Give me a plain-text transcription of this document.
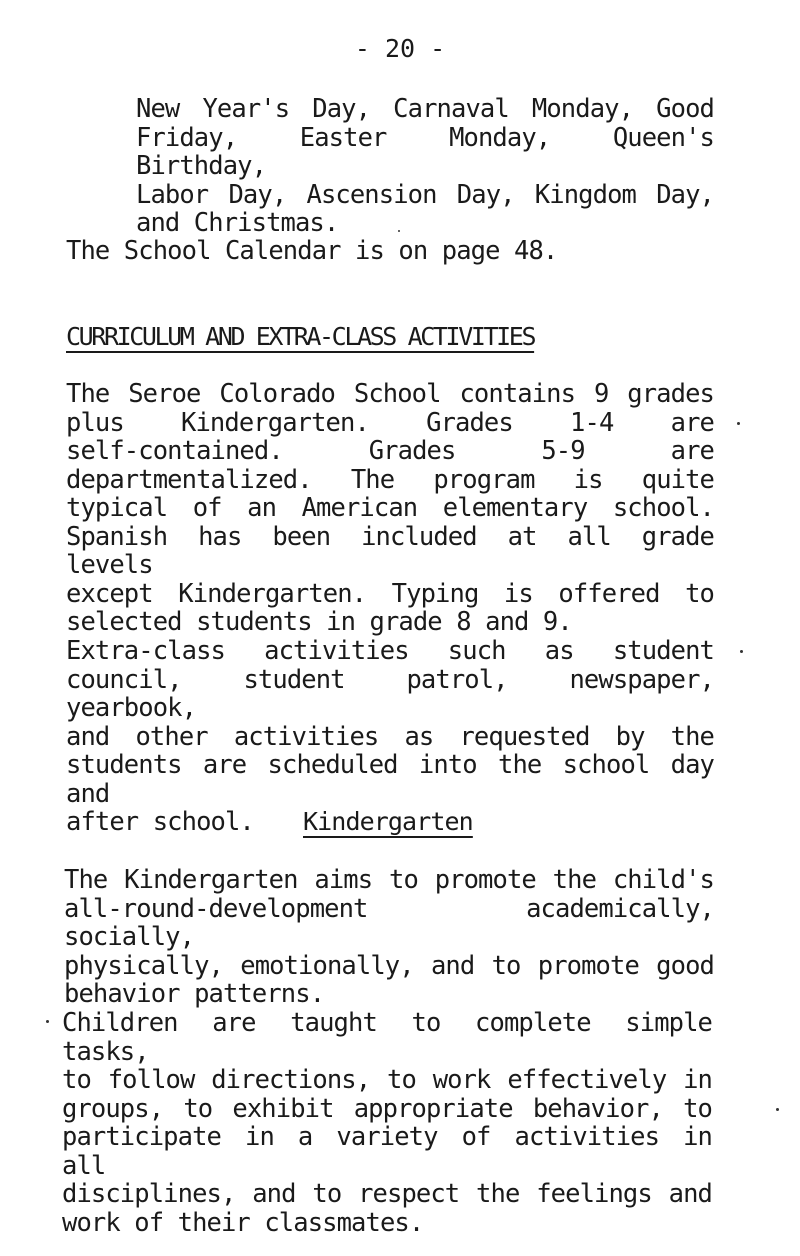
- 20 -
New Year's Day, Carnaval Monday, Good
Friday, Easter Monday, Queen's Birthday,
Labor Day, Ascension Day, Kingdom Day,
and Christmas.
The School Calendar is on page 48.
CURRICULUM AND EXTRA-CLASS ACTIVITIES
The Seroe Colorado School contains 9 grades
plus Kindergarten. Grades 1-4 are
self-contained. Grades 5-9 are
departmentalized. The program is quite
typical of an American elementary school.
Spanish has been included at all grade levels
except Kindergarten. Typing is offered to
selected students in grade 8 and 9.
Extra-class activities such as student
council, student patrol, newspaper, yearbook,
and other activities as requested by the
students are scheduled into the school day and
after school.	Kindergarten
The Kindergarten aims to promote the child's
all-round-development academically, socially,
physically, emotionally, and to promote good
behavior patterns.
Children are taught to complete simple tasks,
to follow directions, to work effectively in
groups, to exhibit appropriate behavior, to
participate in a variety of activities in all
disciplines, and to respect the feelings and
work of their classmates.
